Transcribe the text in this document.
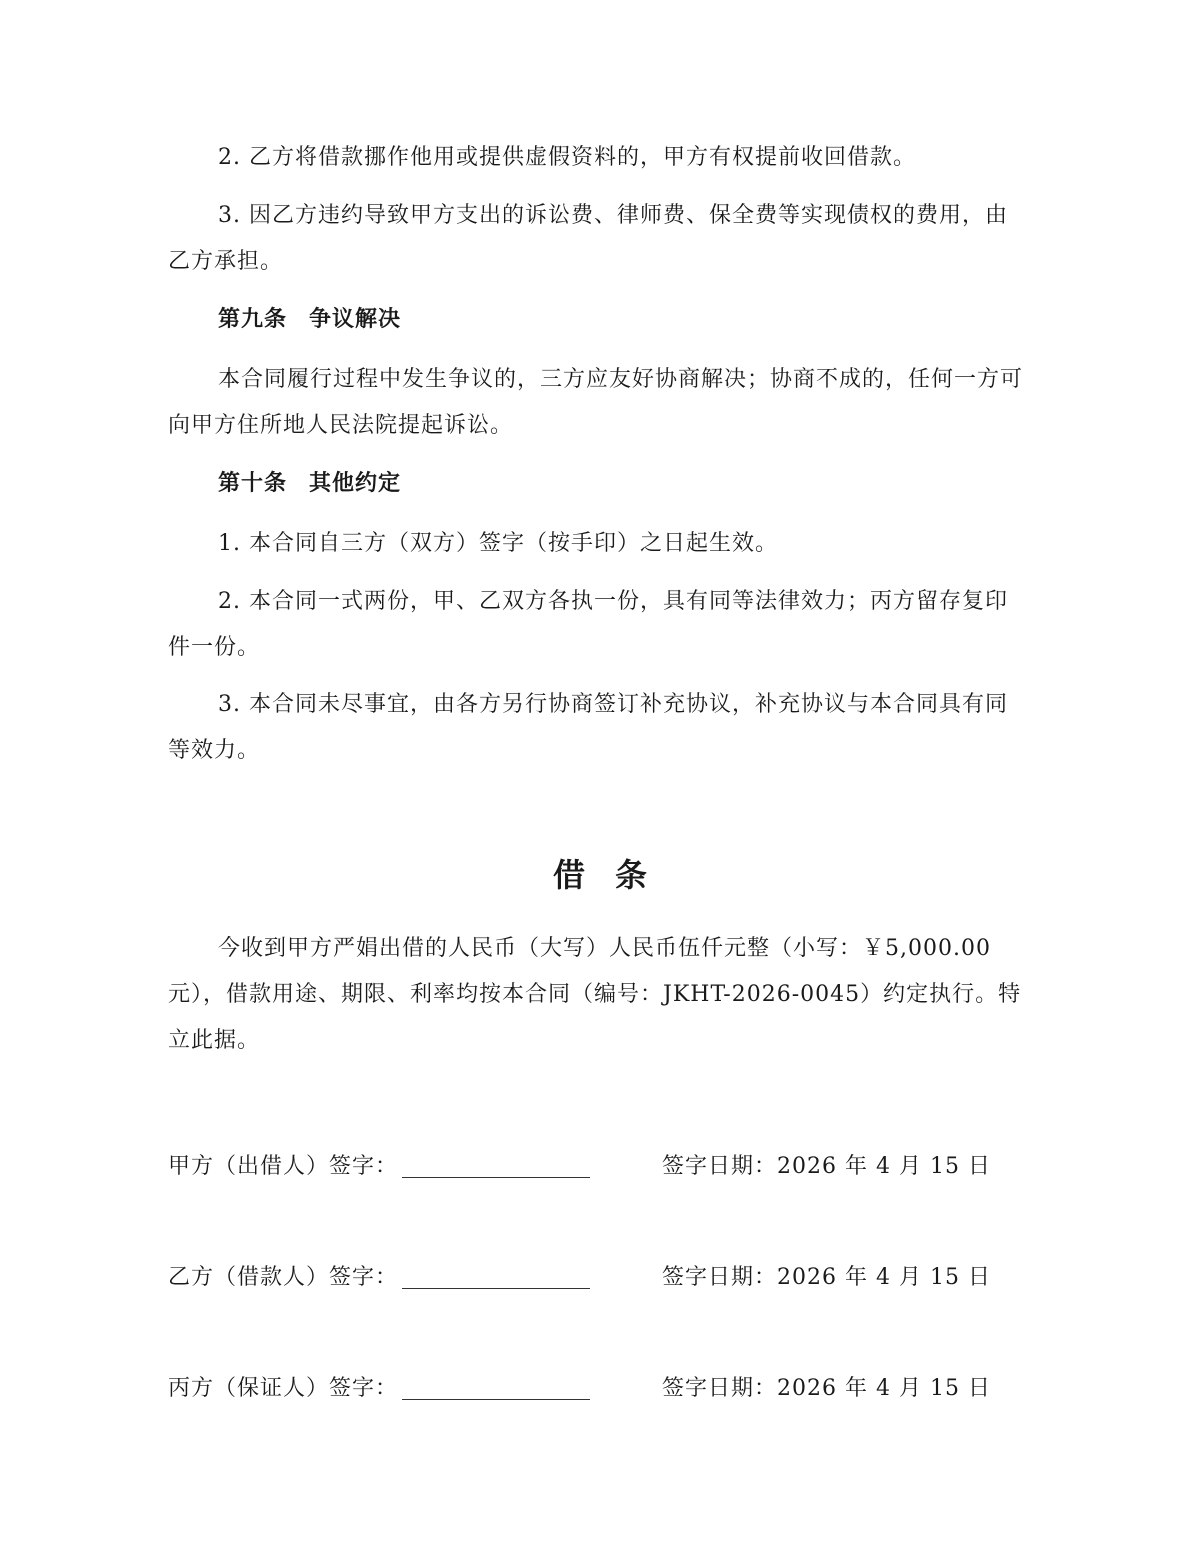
2. 乙方将借款挪作他用或提供虚假资料的，甲方有权提前收回借款。

3. 因乙方违约导致甲方支出的诉讼费、律师费、保全费等实现债权的费用，由乙方承担。

第九条 争议解决

本合同履行过程中发生争议的，三方应友好协商解决；协商不成的，任何一方可向甲方住所地人民法院提起诉讼。

第十条 其他约定

1. 本合同自三方（双方）签字（按手印）之日起生效。

2. 本合同一式两份，甲、乙双方各执一份，具有同等法律效力；丙方留存复印件一份。

3. 本合同未尽事宜，由各方另行协商签订补充协议，补充协议与本合同具有同等效力。

借条

今收到甲方严娟出借的人民币（大写）人民币伍仟元整（小写：￥5,000.00元），借款用途、期限、利率均按本合同（编号：JKHT-2026-0045）约定执行。特立此据。

甲方（出借人）签字：	签字日期：2026 年 4 月 15 日
乙方（借款人）签字：	签字日期：2026 年 4 月 15 日
丙方（保证人）签字：	签字日期：2026 年 4 月 15 日
